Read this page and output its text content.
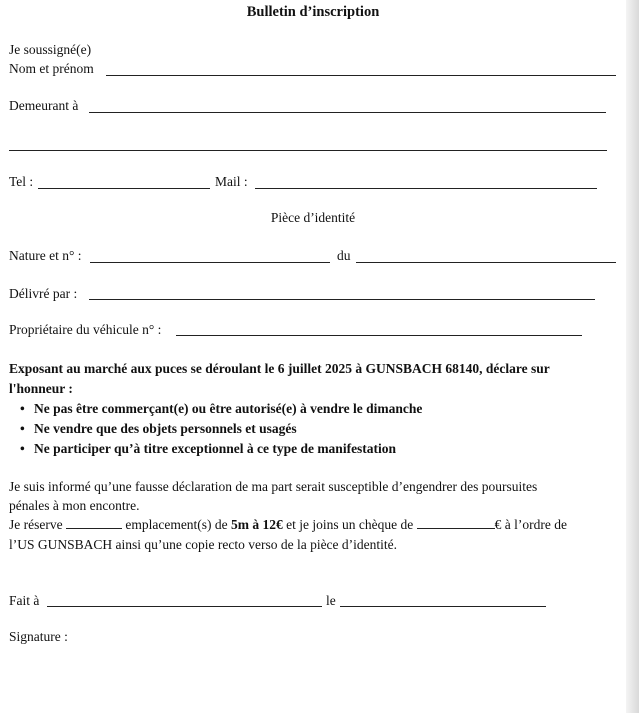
Bulletin d’inscription
Je soussigné(e)
Nom et prénom
Demeurant à
Tel :	Mail :
Pièce d’identité
Nature et n° :	du
Délivré par :
Propriétaire du véhicule n° :
Exposant au marché aux puces se déroulant le 6 juillet 2025 à GUNSBACH 68140, déclare sur
l'honneur :
• Ne pas être commerçant(e) ou être autorisé(e) à vendre le dimanche
• Ne vendre que des objets personnels et usagés
• Ne participer qu’à titre exceptionnel à ce type de manifestation
Je suis informé qu’une fausse déclaration de ma part serait susceptible d’engendrer des poursuites
pénales à mon encontre.
Je réserve	emplacement(s) de 5m à 12€ et je joins un chèque de	€ à l’ordre de
l’US GUNSBACH ainsi qu’une copie recto verso de la pièce d’identité.
Fait à	le
Signature :
